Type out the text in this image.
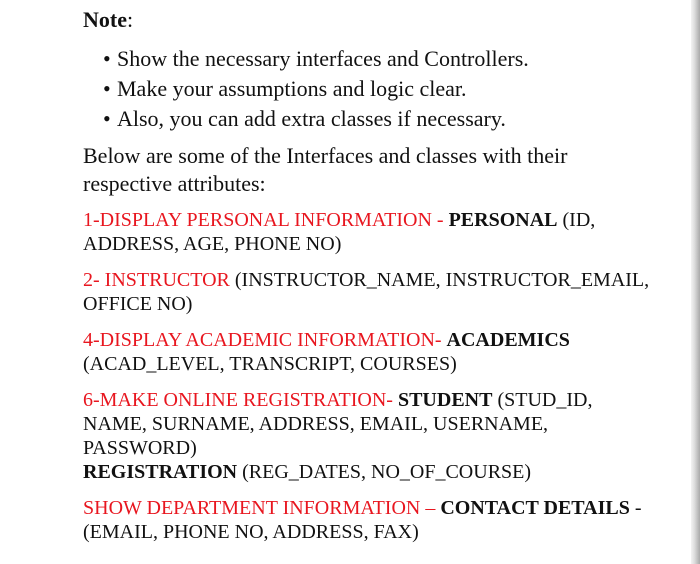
Note:
• Show the necessary interfaces and Controllers.
• Make your assumptions and logic clear.
• Also, you can add extra classes if necessary.

Below are some of the Interfaces and classes with their respective attributes:

1-DISPLAY PERSONAL INFORMATION - PERSONAL (ID, ADDRESS, AGE, PHONE NO)

2- INSTRUCTOR (INSTRUCTOR_NAME, INSTRUCTOR_EMAIL, OFFICE NO)

4-DISPLAY ACADEMIC INFORMATION- ACADEMICS (ACAD_LEVEL, TRANSCRIPT, COURSES)

6-MAKE ONLINE REGISTRATION- STUDENT (STUD_ID, NAME, SURNAME, ADDRESS, EMAIL, USERNAME, PASSWORD)
REGISTRATION (REG_DATES, NO_OF_COURSE)

SHOW DEPARTMENT INFORMATION – CONTACT DETAILS - (EMAIL, PHONE NO, ADDRESS, FAX)
